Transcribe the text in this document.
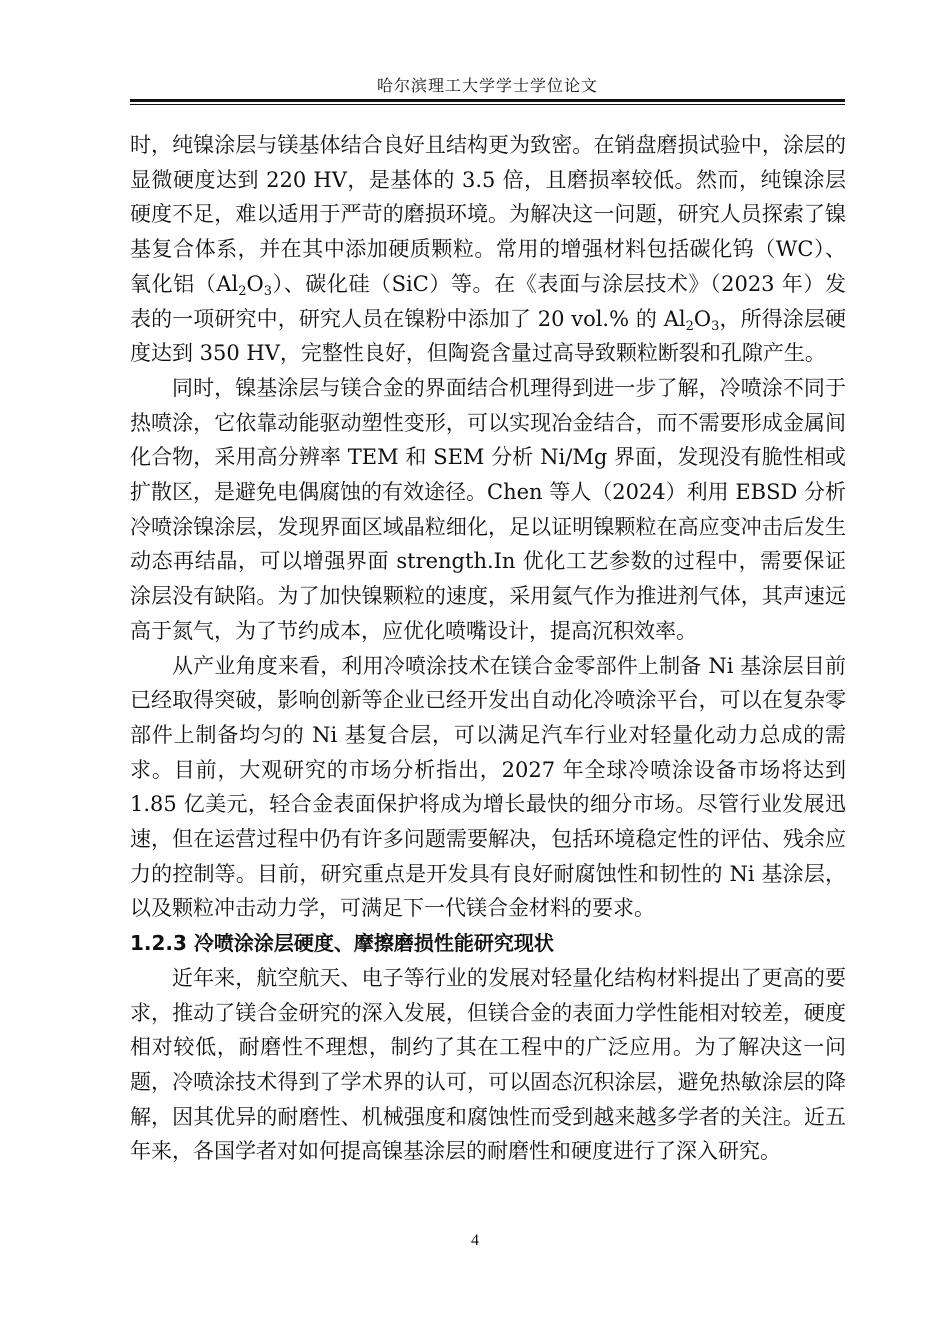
哈尔滨理工大学学士学位论文

时，纯镍涂层与镁基体结合良好且结构更为致密。在销盘磨损试验中，涂层的显微硬度达到 220 HV，是基体的 3.5 倍，且磨损率较低。然而，纯镍涂层硬度不足，难以适用于严苛的磨损环境。为解决这一问题，研究人员探索了镍基复合体系，并在其中添加硬质颗粒。常用的增强材料包括碳化钨（WC）、氧化铝$(Al_2O_3)$、碳化硅（SiC）等。在《表面与涂层技术》（2023 年）发表的一项研究中，研究人员在镍粉中添加了 20 vol.% 的 $Al_2O_3$，所得涂层硬度达到 350 HV，完整性良好，但陶瓷含量过高导致颗粒断裂和孔隙产生。

同时，镍基涂层与镁合金的界面结合机理得到进一步了解，冷喷涂不同于热喷涂，它依靠动能驱动塑性变形，可以实现冶金结合，而不需要形成金属间化合物，采用高分辨率 TEM 和 SEM 分析 Ni/Mg 界面，发现没有脆性相或扩散区，是避免电偶腐蚀的有效途径。Chen 等人（2024）利用 EBSD 分析冷喷涂镍涂层，发现界面区域晶粒细化，足以证明镍颗粒在高应变冲击后发生动态再结晶，可以增强界面 strength.In 优化工艺参数的过程中，需要保证涂层没有缺陷。为了加快镍颗粒的速度，采用氦气作为推进剂气体，其声速远高于氮气，为了节约成本，应优化喷嘴设计，提高沉积效率。

从产业角度来看，利用冷喷涂技术在镁合金零部件上制备 Ni 基涂层目前已经取得突破，影响创新等企业已经开发出自动化冷喷涂平台，可以在复杂零部件上制备均匀的 Ni 基复合层，可以满足汽车行业对轻量化动力总成的需求。目前，大观研究的市场分析指出，2027 年全球冷喷涂设备市场将达到 1.85 亿美元，轻合金表面保护将成为增长最快的细分市场。尽管行业发展迅速，但在运营过程中仍有许多问题需要解决，包括环境稳定性的评估、残余应力的控制等。目前，研究重点是开发具有良好耐腐蚀性和韧性的 Ni 基涂层，以及颗粒冲击动力学，可满足下一代镁合金材料的要求。

1.2.3 冷喷涂涂层硬度、摩擦磨损性能研究现状

近年来，航空航天、电子等行业的发展对轻量化结构材料提出了更高的要求，推动了镁合金研究的深入发展，但镁合金的表面力学性能相对较差，硬度相对较低，耐磨性不理想，制约了其在工程中的广泛应用。为了解决这一问题，冷喷涂技术得到了学术界的认可，可以固态沉积涂层，避免热敏涂层的降解，因其优异的耐磨性、机械强度和腐蚀性而受到越来越多学者的关注。近五年来，各国学者对如何提高镍基涂层的耐磨性和硬度进行了深入研究。

4
